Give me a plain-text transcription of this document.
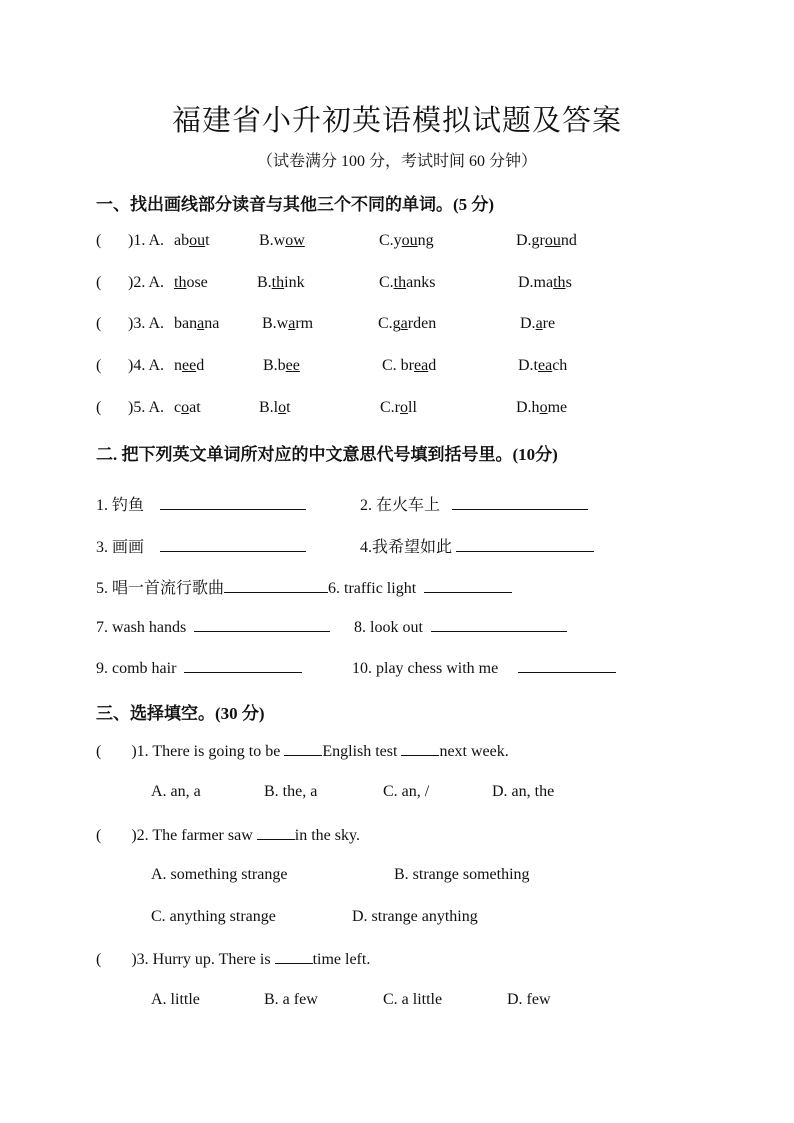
福建省小升初英语模拟试题及答案
（试卷满分 100 分，考试时间 60 分钟）
一、找出画线部分读音与其他三个不同的单词。(5 分)
( )1. A. about	B.wow	C.young	D.ground
( )2. A. those	B.think	C.thanks	D.maths
( )3. A. banana	B.warm	C.garden	D.are
( )4. A. need	B.bee	C. bread	D.teach
( )5. A. coat	B.lot	C.roll	D.home
二. 把下列英文单词所对应的中文意思代号填到括号里。(10分)
1. 钓鱼	2. 在火车上
3. 画画	4.我希望如此
5. 唱一首流行歌曲	6. traffic light
7. wash hands	8. look out
9. comb hair	10. play chess with me
三、选择填空。(30 分)
( )1. There is going to be English test next week.
A. an, a	B. the, a	C. an, /	D. an, the
( )2. The farmer saw in the sky.
A. something strange	B. strange something
C. anything strange	D. strange anything
( )3. Hurry up. There is time left.
A. little	B. a few	C. a little	D. few
